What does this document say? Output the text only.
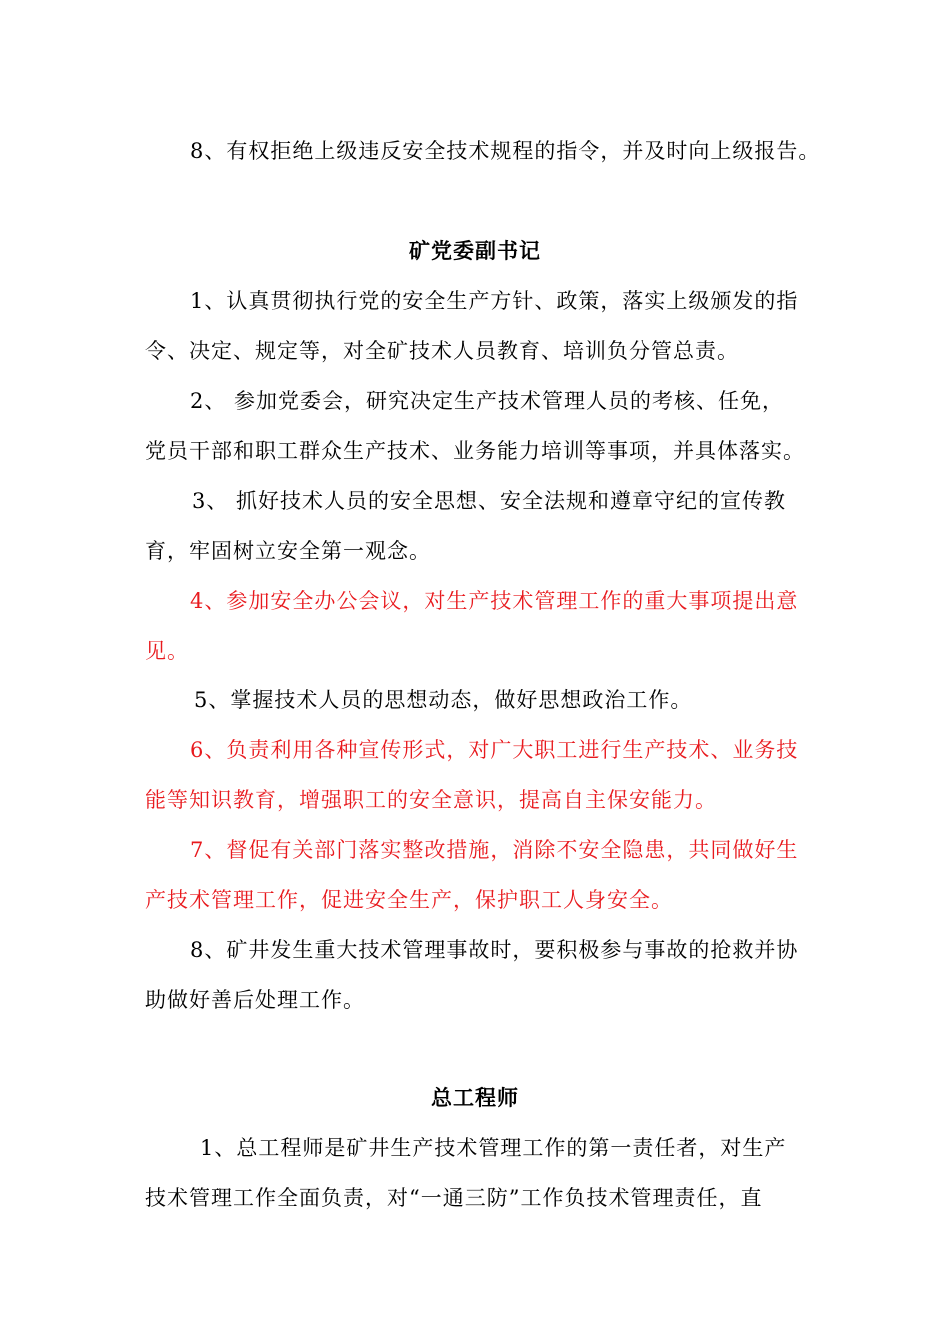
8、有权拒绝上级违反安全技术规程的指令，并及时向上级报告。
矿党委副书记
1、认真贯彻执行党的安全生产方针、政策，落实上级颁发的指
令、决定、规定等，对全矿技术人员教育、培训负分管总责。
2、 参加党委会，研究决定生产技术管理人员的考核、任免，
党员干部和职工群众生产技术、业务能力培训等事项，并具体落实。
3、 抓好技术人员的安全思想、安全法规和遵章守纪的宣传教
育，牢固树立安全第一观念。
4、参加安全办公会议，对生产技术管理工作的重大事项提出意
见。
5、掌握技术人员的思想动态，做好思想政治工作。
6、负责利用各种宣传形式，对广大职工进行生产技术、业务技
能等知识教育，增强职工的安全意识，提高自主保安能力。
7、督促有关部门落实整改措施，消除不安全隐患，共同做好生
产技术管理工作，促进安全生产，保护职工人身安全。
8、矿井发生重大技术管理事故时，要积极参与事故的抢救并协
助做好善后处理工作。
总工程师
1、总工程师是矿井生产技术管理工作的第一责任者，对生产
技术管理工作全面负责，对“一通三防”工作负技术管理责任，直
